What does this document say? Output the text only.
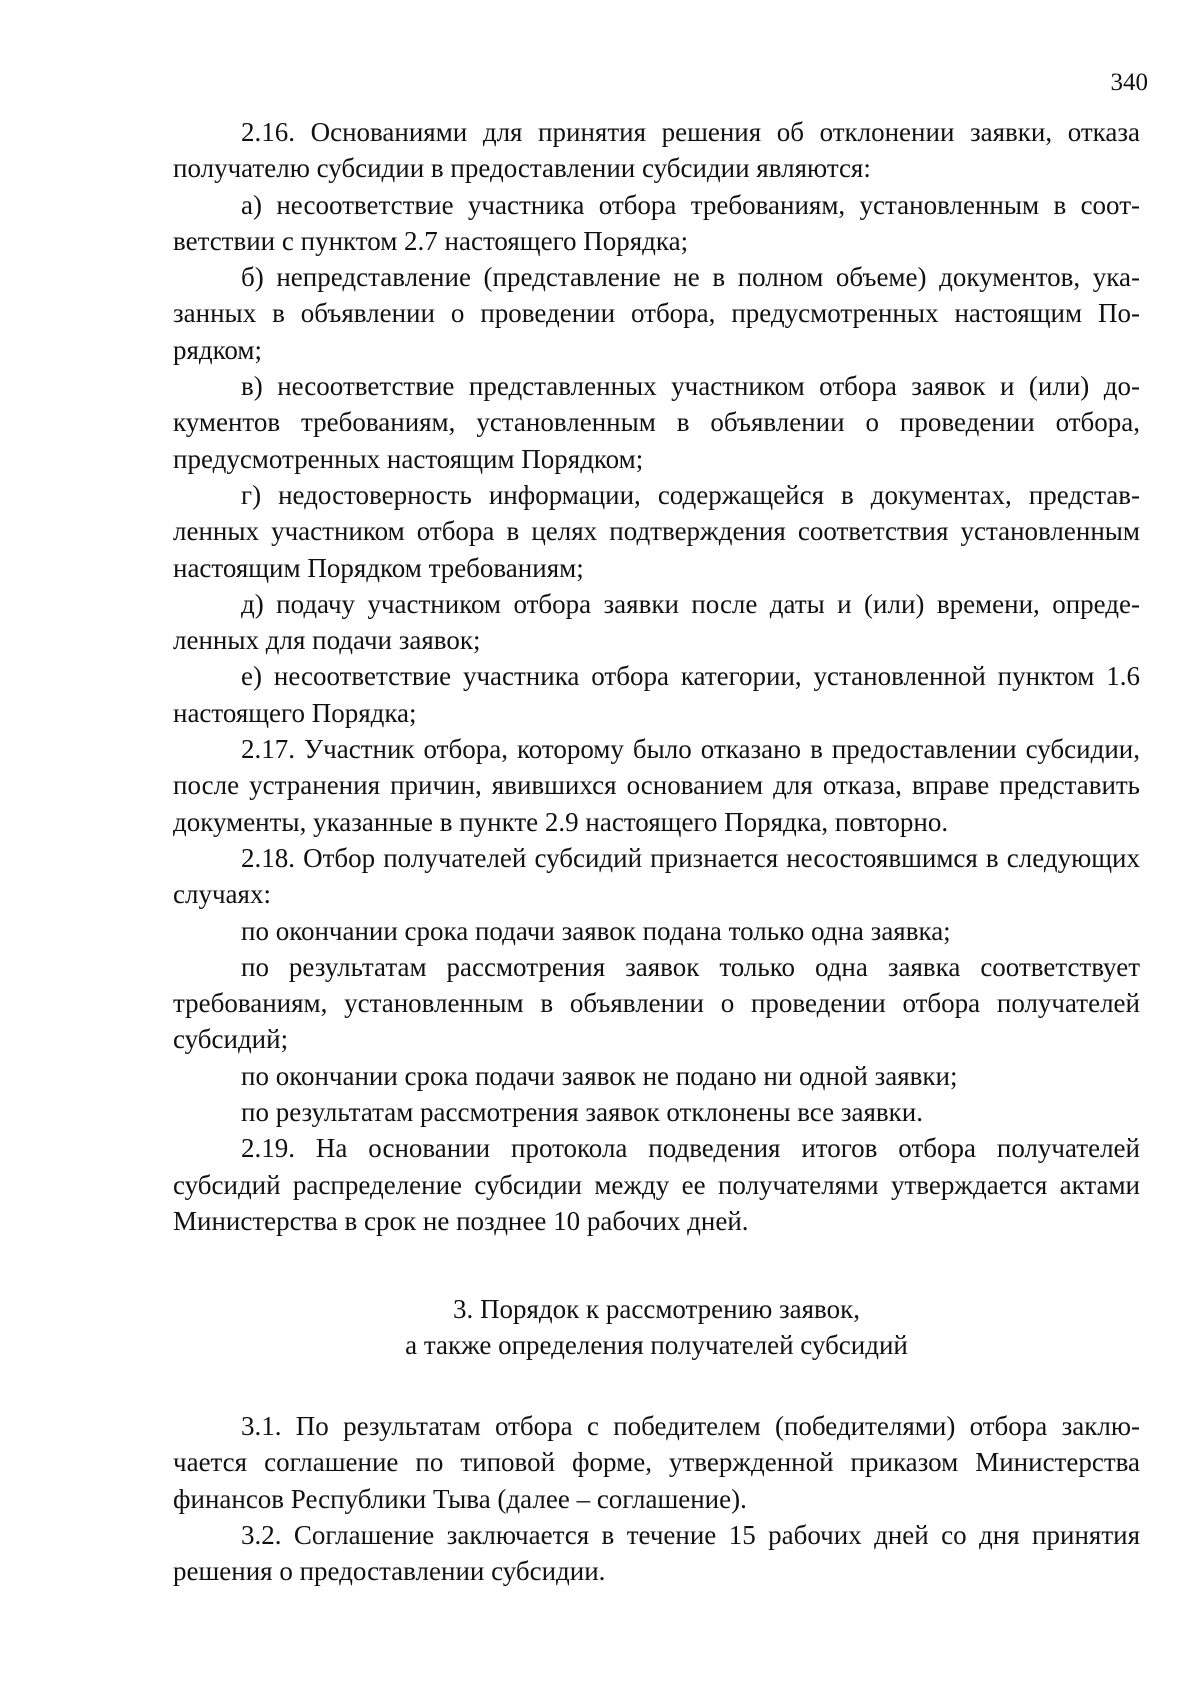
340

2.16. Основаниями для принятия решения об отклонении заявки, отказа получателю субсидии в предоставлении субсидии являются:

а) несоответствие участника отбора требованиям, установленным в соответствии с пунктом 2.7 настоящего Порядка;

б) непредставление (представление не в полном объеме) документов, указанных в объявлении о проведении отбора, предусмотренных настоящим Порядком;

в) несоответствие представленных участником отбора заявок и (или) документов требованиям, установленным в объявлении о проведении отбора, предусмотренных настоящим Порядком;

г) недостоверность информации, содержащейся в документах, представленных участником отбора в целях подтверждения соответствия установленным настоящим Порядком требованиям;

д) подачу участником отбора заявки после даты и (или) времени, определенных для подачи заявок;

е) несоответствие участника отбора категории, установленной пунктом 1.6 настоящего Порядка;

2.17. Участник отбора, которому было отказано в предоставлении субсидии, после устранения причин, явившихся основанием для отказа, вправе представить документы, указанные в пункте 2.9 настоящего Порядка, повторно.

2.18. Отбор получателей субсидий признается несостоявшимся в следующих случаях:

по окончании срока подачи заявок подана только одна заявка;

по результатам рассмотрения заявок только одна заявка соответствует требованиям, установленным в объявлении о проведении отбора получателей субсидий;

по окончании срока подачи заявок не подано ни одной заявки;

по результатам рассмотрения заявок отклонены все заявки.

2.19. На основании протокола подведения итогов отбора получателей субсидий распределение субсидии между ее получателями утверждается актами Министерства в срок не позднее 10 рабочих дней.

3. Порядок к рассмотрению заявок,
а также определения получателей субсидий

3.1. По результатам отбора с победителем (победителями) отбора заключается соглашение по типовой форме, утвержденной приказом Министерства финансов Республики Тыва (далее – соглашение).

3.2. Соглашение заключается в течение 15 рабочих дней со дня принятия решения о предоставлении субсидии.
